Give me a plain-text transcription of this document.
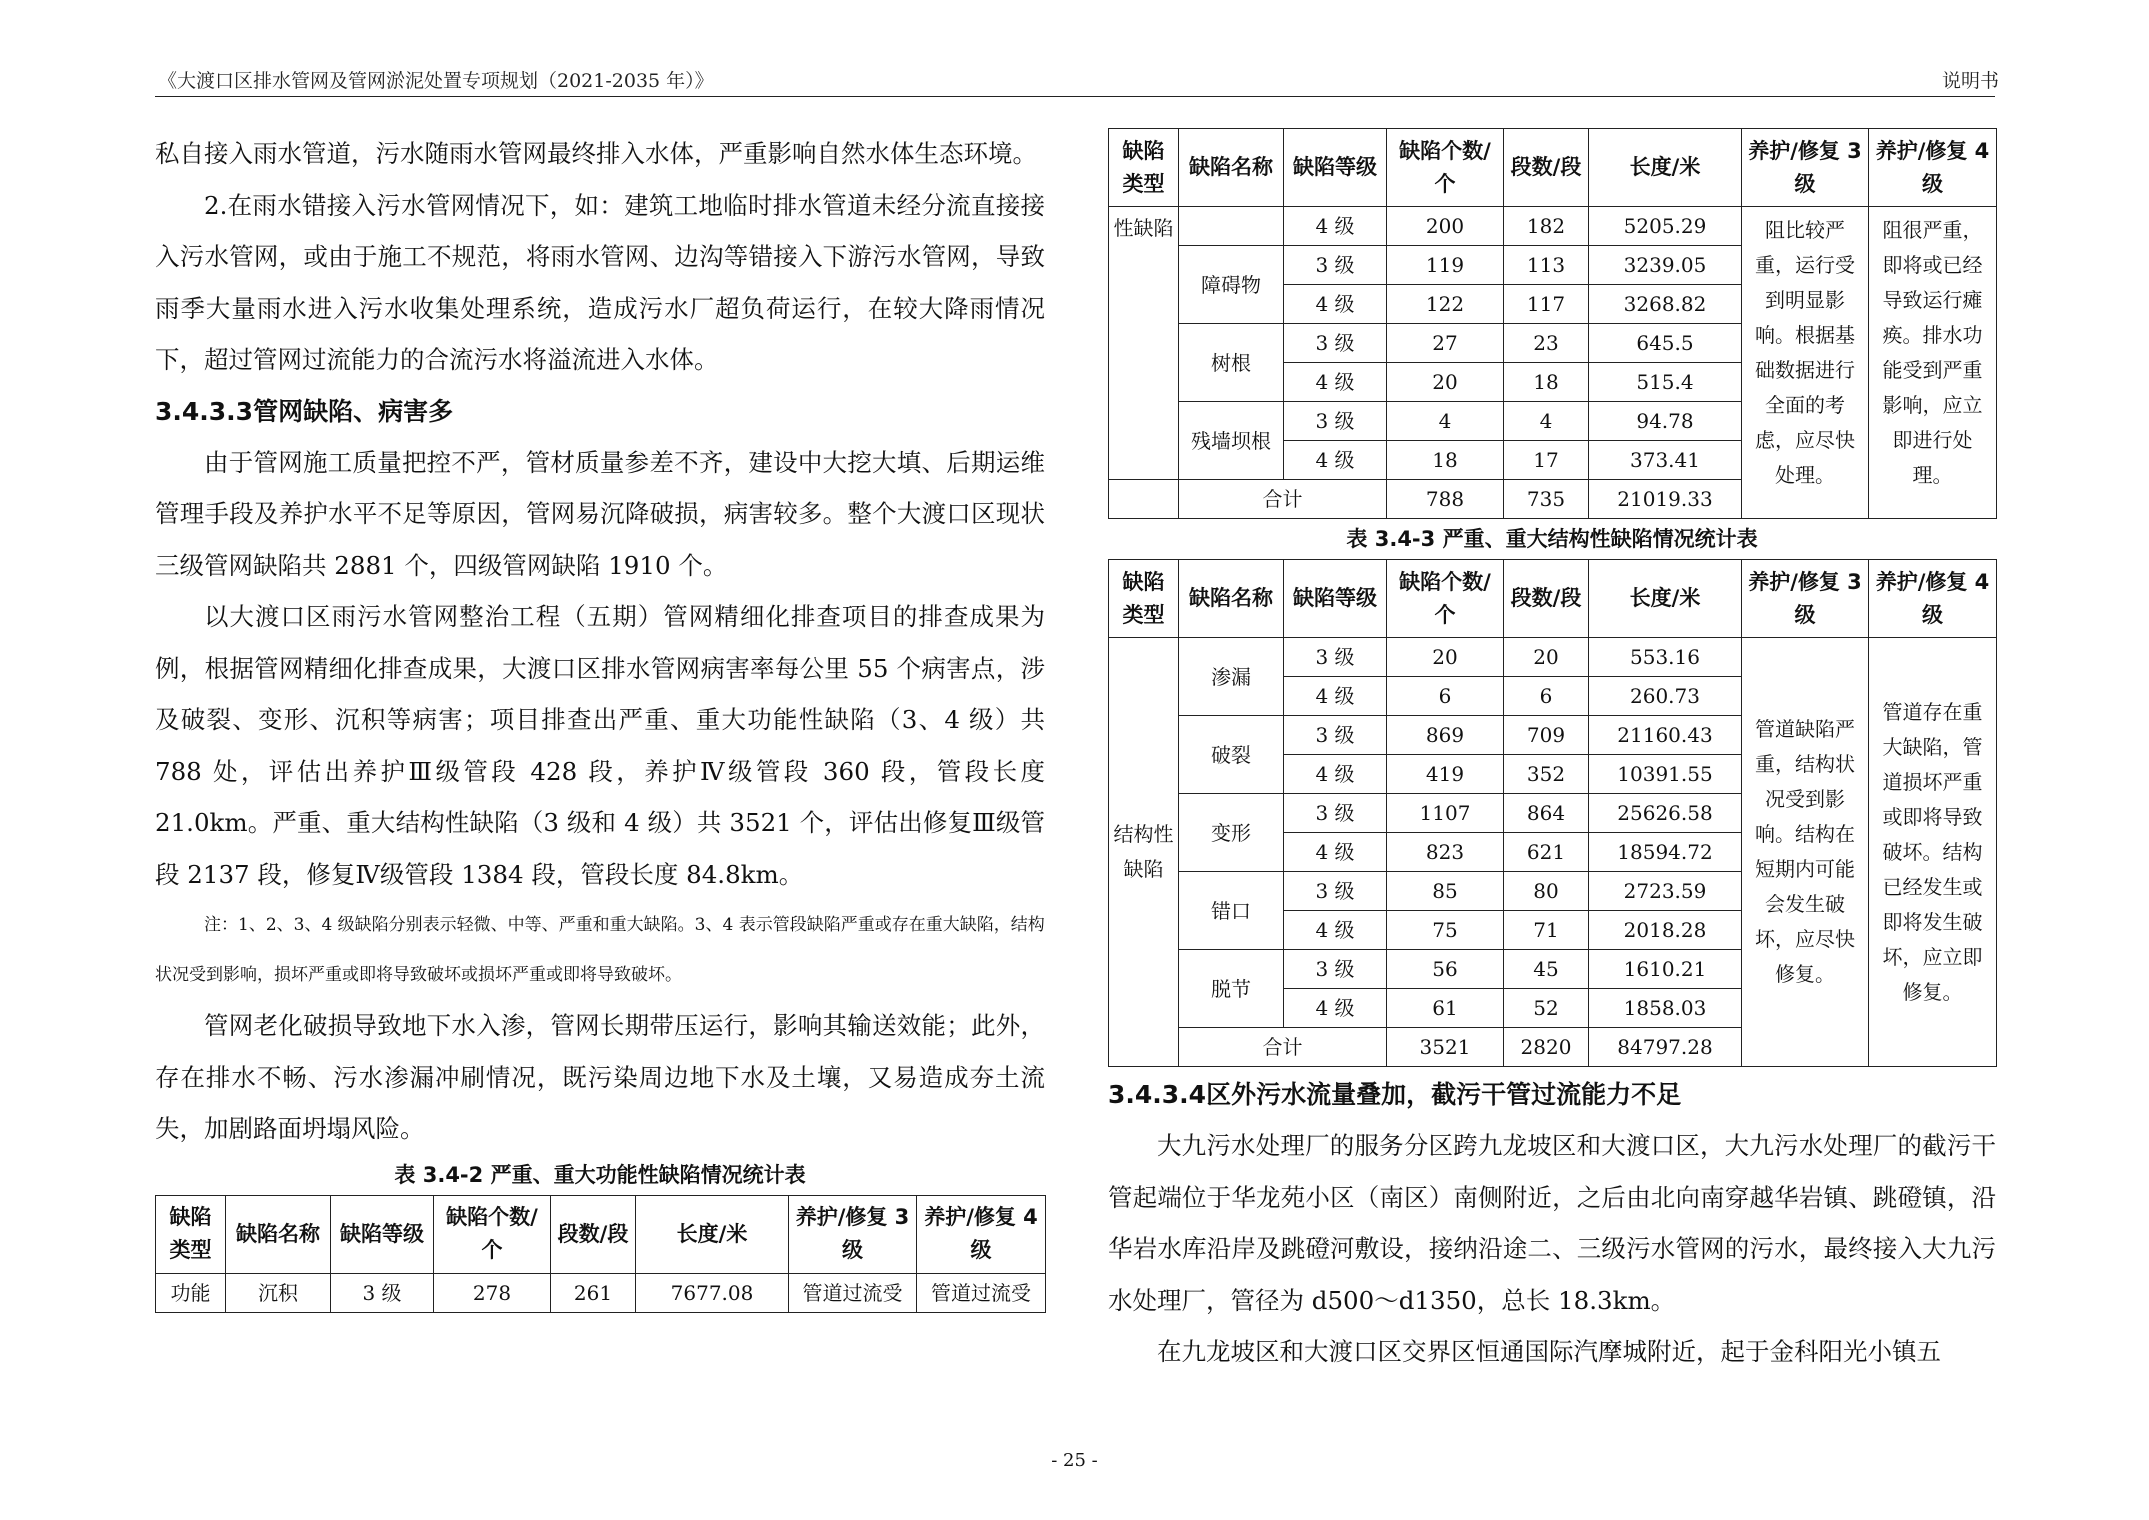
《大渡口区排水管网及管网淤泥处置专项规划（2021-2035 年）》	说明书

私自接入雨水管道，污水随雨水管网最终排入水体，严重影响自然水体生态环境。

2.在雨水错接入污水管网情况下，如：建筑工地临时排水管道未经分流直接接入污水管网，或由于施工不规范，将雨水管网、边沟等错接入下游污水管网，导致雨季大量雨水进入污水收集处理系统，造成污水厂超负荷运行，在较大降雨情况下，超过管网过流能力的合流污水将溢流进入水体。

3.4.3.3管网缺陷、病害多

由于管网施工质量把控不严，管材质量参差不齐，建设中大挖大填、后期运维管理手段及养护水平不足等原因，管网易沉降破损，病害较多。整个大渡口区现状三级管网缺陷共 2881 个，四级管网缺陷 1910 个。

以大渡口区雨污水管网整治工程（五期）管网精细化排查项目的排查成果为例，根据管网精细化排查成果，大渡口区排水管网病害率每公里 55 个病害点，涉及破裂、变形、沉积等病害；项目排查出严重、重大功能性缺陷（3、4 级）共 788 处，评估出养护Ⅲ级管段 428 段，养护Ⅳ级管段 360 段，管段长度 21.0km。严重、重大结构性缺陷（3 级和 4 级）共 3521 个，评估出修复Ⅲ级管段 2137 段，修复Ⅳ级管段 1384 段，管段长度 84.8km。

注：1、2、3、4 级缺陷分别表示轻微、中等、严重和重大缺陷。3、4 表示管段缺陷严重或存在重大缺陷，结构状况受到影响，损坏严重或即将导致破坏或损坏严重或即将导致破坏。

管网老化破损导致地下水入渗，管网长期带压运行，影响其输送效能；此外，存在排水不畅、污水渗漏冲刷情况，既污染周边地下水及土壤，又易造成夯土流失，加剧路面坍塌风险。

表 3.4-2 严重、重大功能性缺陷情况统计表
缺陷类型	缺陷名称	缺陷等级	缺陷个数/个	段数/段	长度/米	养护/修复 3 级	养护/修复 4 级
功能	沉积	3 级	278	261	7677.08	管道过流受	管道过流受
缺陷类型	缺陷名称	缺陷等级	缺陷个数/个	段数/段	长度/米	养护/修复 3 级	养护/修复 4 级
性缺陷		4 级	200	182	5205.29	阻比较严重，运行受到明显影响。根据基础数据进行全面的考虑，应尽快处理。	阻很严重，即将或已经导致运行瘫痪。排水功能受到严重影响，应立即进行处理。
	障碍物	3 级	119	113	3239.05		
		4 级	122	117	3268.82		
	树根	3 级	27	23	645.5		
		4 级	20	18	515.4		
	残墙坝根	3 级	4	4	94.78		
		4 级	18	17	373.41		
	合计		788	735	21019.33		
表 3.4-3 严重、重大结构性缺陷情况统计表
缺陷类型	缺陷名称	缺陷等级	缺陷个数/个	段数/段	长度/米	养护/修复 3 级	养护/修复 4 级
结构性缺陷	渗漏	3 级	20	20	553.16	管道缺陷严重，结构状况受到影响。结构在短期内可能会发生破坏，应尽快修复。	管道存在重大缺陷，管道损坏严重或即将导致破坏。结构已经发生或即将发生破坏，应立即修复。
		4 级	6	6	260.73		
	破裂	3 级	869	709	21160.43		
		4 级	419	352	10391.55		
	变形	3 级	1107	864	25626.58		
		4 级	823	621	18594.72		
	错口	3 级	85	80	2723.59		
		4 级	75	71	2018.28		
	脱节	3 级	56	45	1610.21		
		4 级	61	52	1858.03		
	合计		3521	2820	84797.28		
3.4.3.4区外污水流量叠加，截污干管过流能力不足

大九污水处理厂的服务分区跨九龙坡区和大渡口区，大九污水处理厂的截污干管起端位于华龙苑小区（南区）南侧附近，之后由北向南穿越华岩镇、跳磴镇，沿华岩水库沿岸及跳磴河敷设，接纳沿途二、三级污水管网的污水，最终接入大九污水处理厂，管径为 d500～d1350，总长 18.3km。

在九龙坡区和大渡口区交界区恒通国际汽摩城附近，起于金科阳光小镇五

- 25 -
